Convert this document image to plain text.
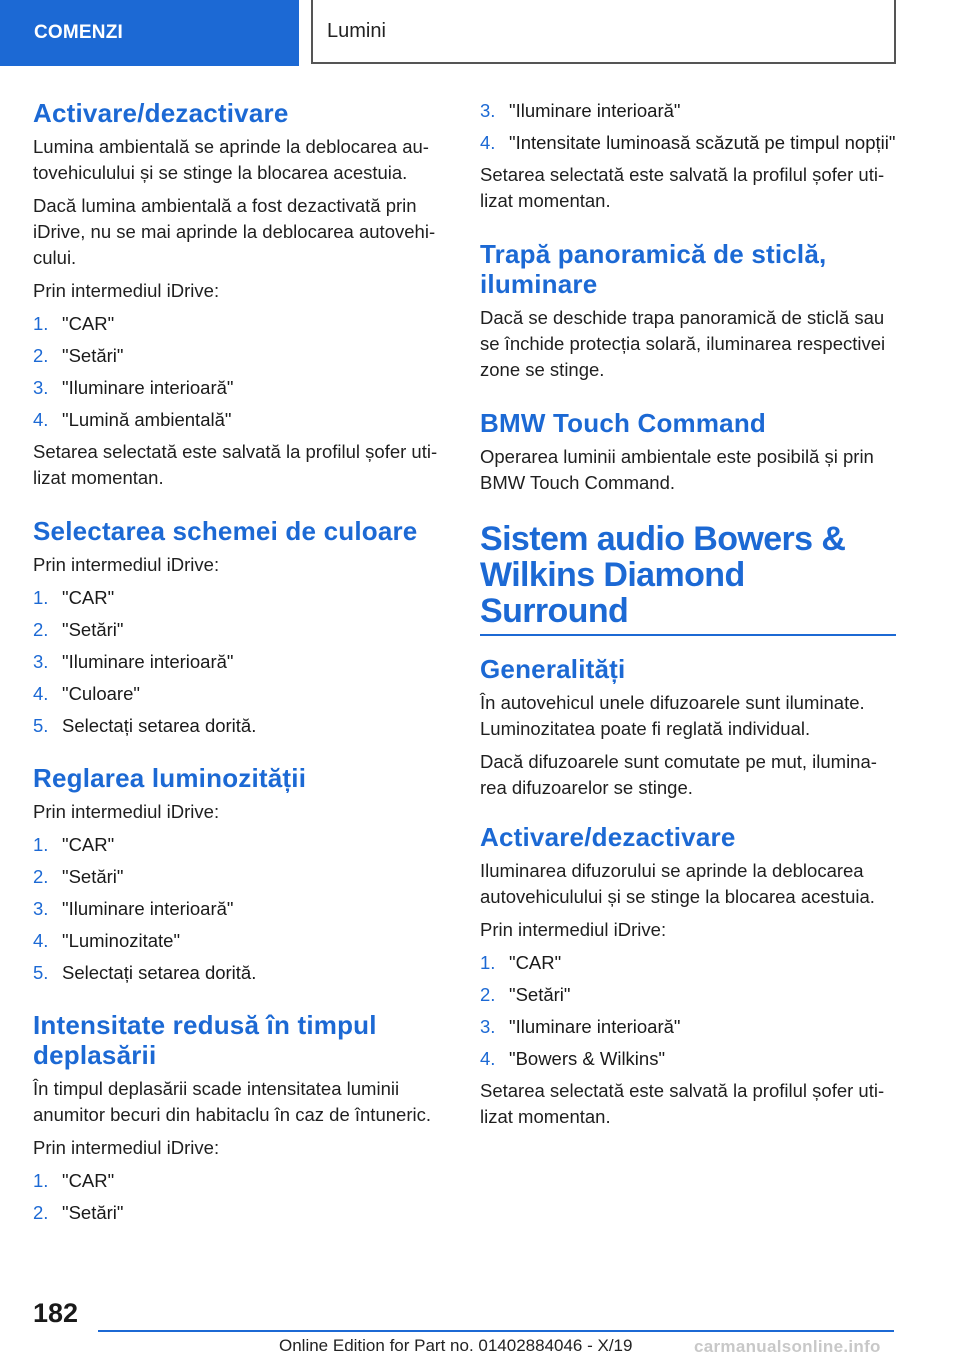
COMENZI	Lumini
Activare/dezactivare

Lumina ambientală se aprinde la deblocarea autovehiculului și se stinge la blocarea acestuia.

Dacă lumina ambientală a fost dezactivată prin iDrive, nu se mai aprinde la deblocarea autovehicului.

Prin intermediul iDrive:

1. "CAR"
2. "Setări"
3. "Iluminare interioară"
4. "Lumină ambientală"

Setarea selectată este salvată la profilul șofer utilizat momentan.

Selectarea schemei de culoare

Prin intermediul iDrive:

1. "CAR"
2. "Setări"
3. "Iluminare interioară"
4. "Culoare"
5. Selectați setarea dorită.
Reglarea luminozității

Prin intermediul iDrive:

1. "CAR"
2. "Setări"
3. "Iluminare interioară"
4. "Luminozitate"
5. Selectați setarea dorită.
Intensitate redusă în timpul deplasării

În timpul deplasării scade intensitatea luminii anumitor becuri din habitaclu în caz de întuneric.

Prin intermediul iDrive:

1. "CAR"
2. "Setări"
3. "Iluminare interioară"
4. "Intensitate luminoasă scăzută pe timpul nopții"

Setarea selectată este salvată la profilul șofer utilizat momentan.

Trapă panoramică de sticlă, iluminare

Dacă se deschide trapa panoramică de sticlă sau se închide protecția solară, iluminarea respectivei zone se stinge.

BMW Touch Command

Operarea luminii ambientale este posibilă și prin BMW Touch Command.

Sistem audio Bowers & Wilkins Diamond Surround
Generalități

În autovehicul unele difuzoarele sunt iluminate. Luminozitatea poate fi reglată individual.

Dacă difuzoarele sunt comutate pe mut, iluminarea difuzoarelor se stinge.

Activare/dezactivare

Iluminarea difuzorului se aprinde la deblocarea autovehiculului și se stinge la blocarea acestuia.

Prin intermediul iDrive:

1. "CAR"
2. "Setări"
3. "Iluminare interioară"
4. "Bowers & Wilkins"

Setarea selectată este salvată la profilul șofer utilizat momentan.

182
Online Edition for Part no. 01402884046 - X/19	carmanualsonline.info
